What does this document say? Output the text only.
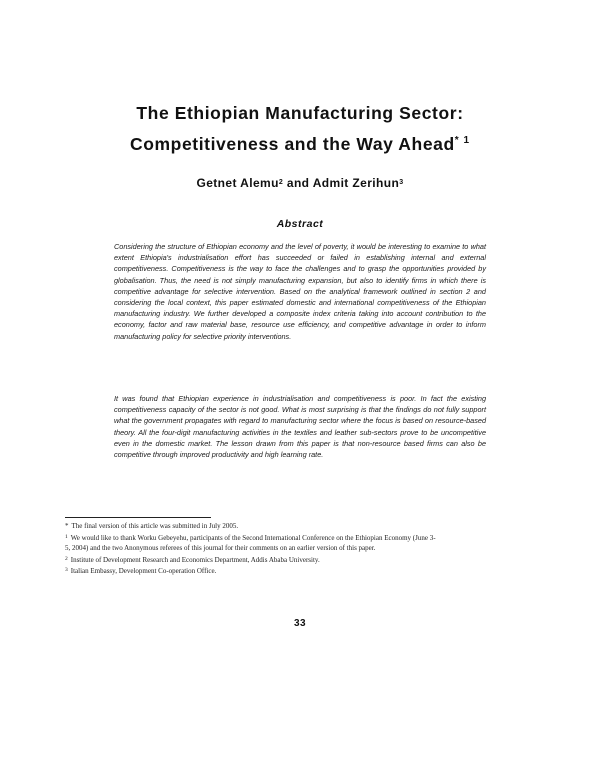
The Ethiopian Manufacturing Sector:
Competitiveness and the Way Ahead$^{* 1}$
Getnet Alemu$^2$ and Admit Zerihun$^3$
Abstract

Considering the structure of Ethiopian economy and the level of poverty, it would be interesting to examine to what extent Ethiopia's industrialisation effort has succeeded or failed in establishing internal and external competitiveness. Competitiveness is the way to face the challenges and to grasp the opportunities provided by globalisation. Thus, the need is not simply manufacturing expansion, but also to identify firms in which there is competitive advantage for selective intervention. Based on the analytical framework outlined in section 2 and considering the local context, this paper estimated domestic and international competitiveness of the Ethiopian manufacturing industry. We further developed a composite index criteria taking into account contribution to the economy, factor and raw material base, resource use efficiency, and competitive advantage in order to inform manufacturing policy for selective priority interventions.

It was found that Ethiopian experience in industrialisation and competitiveness is poor. In fact the existing competitiveness capacity of the sector is not good. What is most surprising is that the findings do not fully support what the government propagates with regard to manufacturing sector where the focus is based on resource-based theory. All the four-digit manufacturing activities in the textiles and leather sub-sectors prove to be uncompetitive even in the domestic market. The lesson drawn from this paper is that non-resource based firms can also be competitive through improved productivity and high learning rate.

* The final version of this article was submitted in July 2005.

$^1$ We would like to thank Worku Gebeyehu, participants of the Second International Conference on the Ethiopian Economy (June 3-5, 2004) and the two Anonymous referees of this journal for their comments on an earlier version of this paper.

$^2$ Institute of Development Research and Economics Department, Addis Ababa University.

$^3$ Italian Embassy, Development Co-operation Office.

33
